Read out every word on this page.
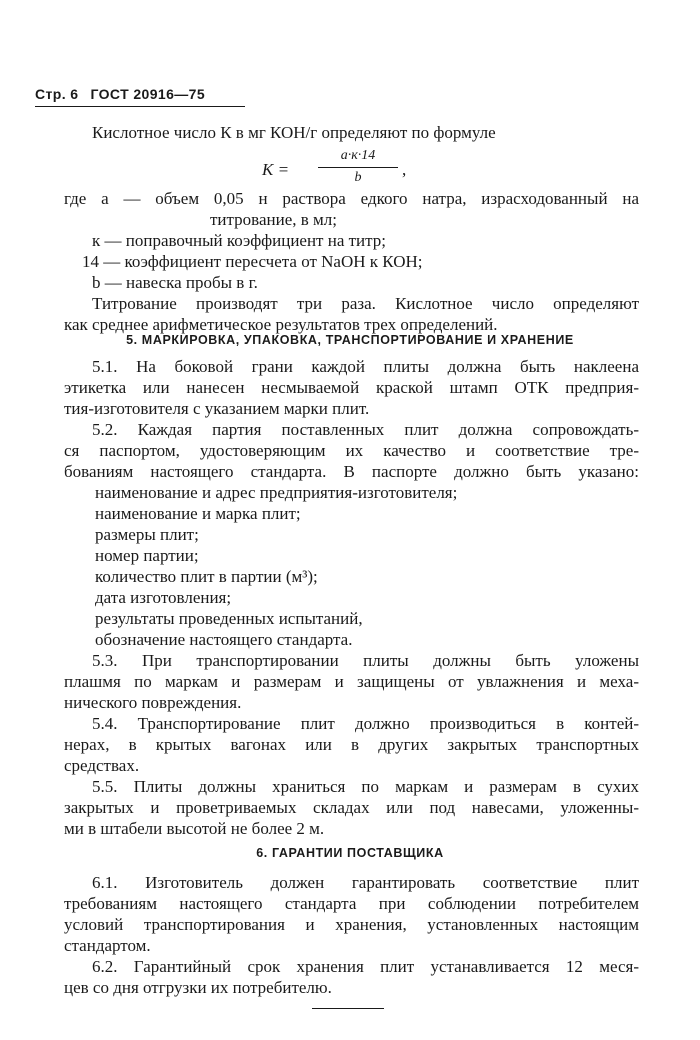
Стр. 6 ГОСТ 20916—75
Кислотное число К в мг КОН/г определяют по формуле
K =
a·к·14
b	,
где a — объем 0,05 н раствора едкого натра, израсходованный на
титрование, в мл;
к — поправочный коэффициент на титр;
14 — коэффициент пересчета от NaOH к КОН;
b — навеска пробы в г.
Титрование производят три раза. Кислотное число определяют
как среднее арифметическое результатов трех определений.
5. МАРКИРОВКА, УПАКОВКА, ТРАНСПОРТИРОВАНИЕ И ХРАНЕНИЕ
5.1. На боковой грани каждой плиты должна быть наклеена
этикетка или нанесен несмываемой краской штамп ОТК предприя-
тия-изготовителя с указанием марки плит.
5.2. Каждая партия поставленных плит должна сопровождать-
ся паспортом, удостоверяющим их качество и соответствие тре-
бованиям настоящего стандарта. В паспорте должно быть указано:
наименование и адрес предприятия-изготовителя;
наименование и марка плит;
размеры плит;
номер партии;
количество плит в партии (м³);
дата изготовления;
результаты проведенных испытаний,
обозначение настоящего стандарта.
5.3. При транспортировании плиты должны быть уложены
плашмя по маркам и размерам и защищены от увлажнения и меха-
нического повреждения.
5.4. Транспортирование плит должно производиться в контей-
нерах, в крытых вагонах или в других закрытых транспортных
средствах.
5.5. Плиты должны храниться по маркам и размерам в сухих
закрытых и проветриваемых складах или под навесами, уложенны-
ми в штабели высотой не более 2 м.
6. ГАРАНТИИ ПОСТАВЩИКА
6.1. Изготовитель должен гарантировать соответствие плит
требованиям настоящего стандарта при соблюдении потребителем
условий транспортирования и хранения, установленных настоящим
стандартом.
6.2. Гарантийный срок хранения плит устанавливается 12 меся-
цев со дня отгрузки их потребителю.
